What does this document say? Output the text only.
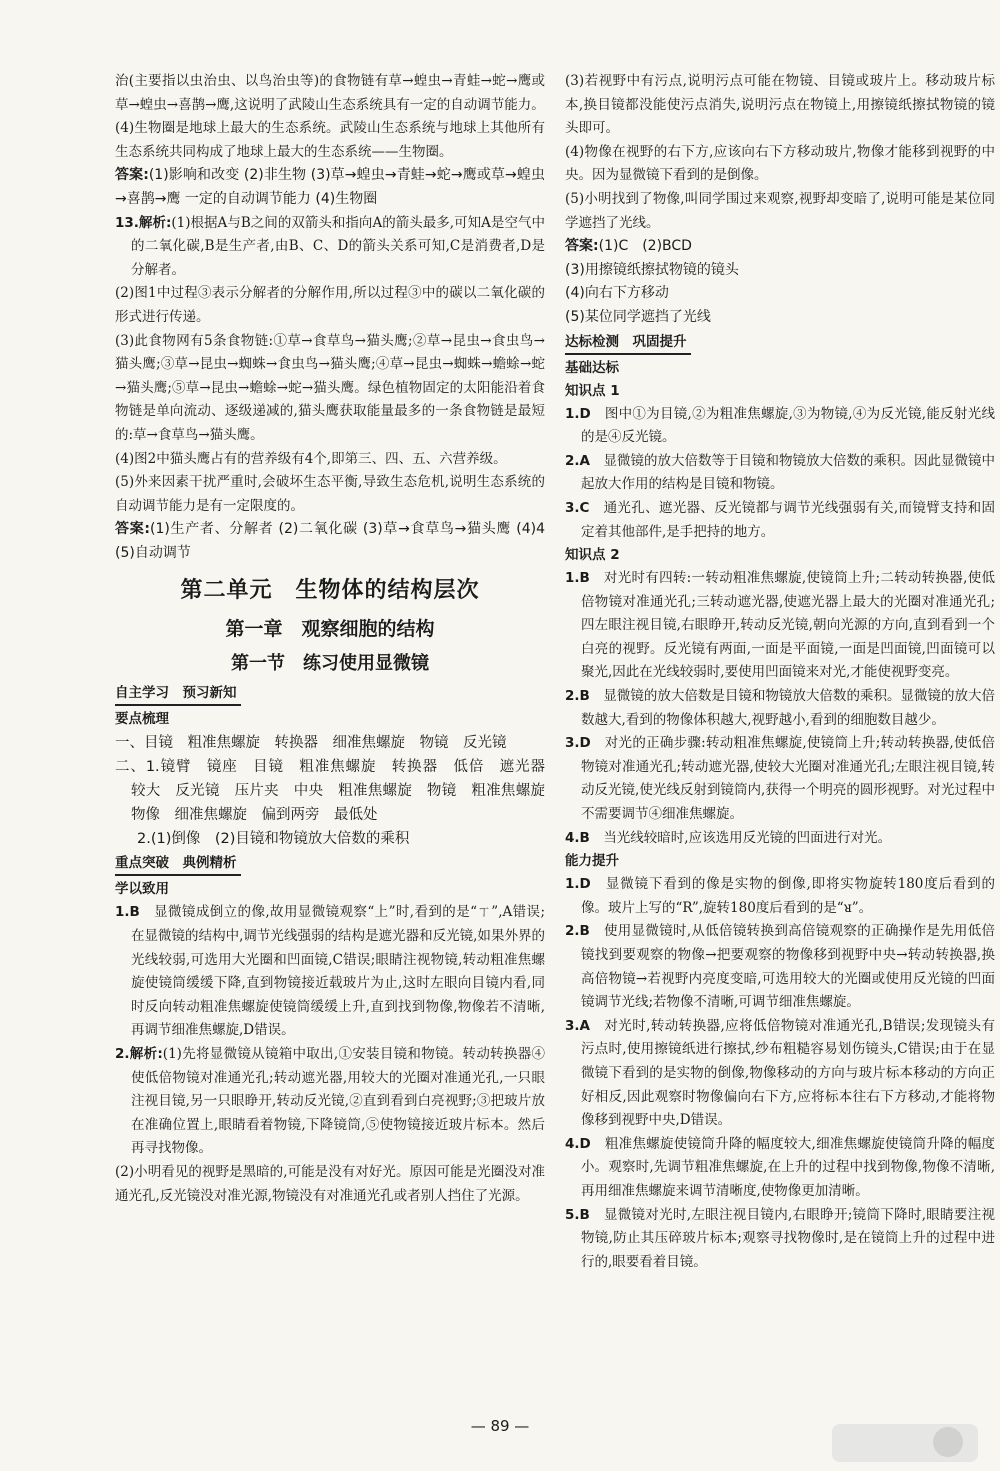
治(主要指以虫治虫、以鸟治虫等)的食物链有草→蝗虫→青蛙→蛇→鹰或草→蝗虫→喜鹊→鹰,这说明了武陵山生态系统具有一定的自动调节能力。

(4)生物圈是地球上最大的生态系统。武陵山生态系统与地球上其他所有生态系统共同构成了地球上最大的生态系统——生物圈。

答案:(1)影响和改变 (2)非生物 (3)草→蝗虫→青蛙→蛇→鹰或草→蝗虫→喜鹊→鹰 一定的自动调节能力 (4)生物圈

13.解析:(1)根据A与B之间的双箭头和指向A的箭头最多,可知A是空气中的二氧化碳,B是生产者,由B、C、D的箭头关系可知,C是消费者,D是分解者。

(2)图1中过程③表示分解者的分解作用,所以过程③中的碳以二氧化碳的形式进行传递。

(3)此食物网有5条食物链:①草→食草鸟→猫头鹰;②草→昆虫→食虫鸟→猫头鹰;③草→昆虫→蜘蛛→食虫鸟→猫头鹰;④草→昆虫→蜘蛛→蟾蜍→蛇→猫头鹰;⑤草→昆虫→蟾蜍→蛇→猫头鹰。绿色植物固定的太阳能沿着食物链是单向流动、逐级递减的,猫头鹰获取能量最多的一条食物链是最短的:草→食草鸟→猫头鹰。

(4)图2中猫头鹰占有的营养级有4个,即第三、四、五、六营养级。

(5)外来因素干扰严重时,会破坏生态平衡,导致生态危机,说明生态系统的自动调节能力是有一定限度的。

答案:(1)生产者、分解者 (2)二氧化碳 (3)草→食草鸟→猫头鹰 (4)4 (5)自动调节

第二单元　生物体的结构层次
第一章　观察细胞的结构
第一节　练习使用显微镜
自主学习　预习新知
要点梳理

一、目镜　粗准焦螺旋　转换器　细准焦螺旋　物镜　反光镜

二、1.镜臂　镜座　目镜　粗准焦螺旋　转换器　低倍　遮光器　较大　反光镜　压片夹　中央　粗准焦螺旋　物镜　粗准焦螺旋　物像　细准焦螺旋　偏到两旁　最低处

2.(1)倒像　(2)目镜和物镜放大倍数的乘积

重点突破　典例精析
学以致用

1.B　 显微镜成倒立的像,故用显微镜观察“上”时,看到的是“ㄒ”,A错误;在显微镜的结构中,调节光线强弱的结构是遮光器和反光镜,如果外界的光线较弱,可选用大光圈和凹面镜,C错误;眼睛注视物镜,转动粗准焦螺旋使镜筒缓缓下降,直到物镜接近载玻片为止,这时左眼向目镜内看,同时反向转动粗准焦螺旋使镜筒缓缓上升,直到找到物像,物像若不清晰,再调节细准焦螺旋,D错误。

2.解析:(1)先将显微镜从镜箱中取出,①安装目镜和物镜。转动转换器④使低倍物镜对准通光孔;转动遮光器,用较大的光圈对准通光孔,一只眼注视目镜,另一只眼睁开,转动反光镜,②直到看到白亮视野;③把玻片放在准确位置上,眼睛看着物镜,下降镜筒,⑤使物镜接近玻片标本。然后再寻找物像。

(2)小明看见的视野是黑暗的,可能是没有对好光。原因可能是光圈没对准通光孔,反光镜没对准光源,物镜没有对准通光孔或者别人挡住了光源。

(3)若视野中有污点,说明污点可能在物镜、目镜或玻片上。移动玻片标本,换目镜都没能使污点消失,说明污点在物镜上,用擦镜纸擦拭物镜的镜头即可。

(4)物像在视野的右下方,应该向右下方移动玻片,物像才能移到视野的中央。因为显微镜下看到的是倒像。

(5)小明找到了物像,叫同学围过来观察,视野却变暗了,说明可能是某位同学遮挡了光线。

答案:(1)C　(2)BCD

(3)用擦镜纸擦拭物镜的镜头

(4)向右下方移动

(5)某位同学遮挡了光线

达标检测　巩固提升
基础达标
知识点 1

1.D　 图中①为目镜,②为粗准焦螺旋,③为物镜,④为反光镜,能反射光线的是④反光镜。

2.A　 显微镜的放大倍数等于目镜和物镜放大倍数的乘积。因此显微镜中起放大作用的结构是目镜和物镜。

3.C　 通光孔、遮光器、反光镜都与调节光线强弱有关,而镜臂支持和固定着其他部件,是手把持的地方。

知识点 2

1.B　 对光时有四转:一转动粗准焦螺旋,使镜筒上升;二转动转换器,使低倍物镜对准通光孔;三转动遮光器,使遮光器上最大的光圈对准通光孔;四左眼注视目镜,右眼睁开,转动反光镜,朝向光源的方向,直到看到一个白亮的视野。反光镜有两面,一面是平面镜,一面是凹面镜,凹面镜可以聚光,因此在光线较弱时,要使用凹面镜来对光,才能使视野变亮。

2.B　 显微镜的放大倍数是目镜和物镜放大倍数的乘积。显微镜的放大倍数越大,看到的物像体积越大,视野越小,看到的细胞数目越少。

3.D　 对光的正确步骤:转动粗准焦螺旋,使镜筒上升;转动转换器,使低倍物镜对准通光孔;转动遮光器,使较大光圈对准通光孔;左眼注视目镜,转动反光镜,使光线反射到镜筒内,获得一个明亮的圆形视野。对光过程中不需要调节④细准焦螺旋。

4.B　 当光线较暗时,应该选用反光镜的凹面进行对光。

能力提升

1.D　 显微镜下看到的像是实物的倒像,即将实物旋转180度后看到的像。玻片上写的“R”,旋转180度后看到的是“ᴚ”。

2.B　 使用显微镜时,从低倍镜转换到高倍镜观察的正确操作是先用低倍镜找到要观察的物像→把要观察的物像移到视野中央→转动转换器,换高倍物镜→若视野内亮度变暗,可选用较大的光圈或使用反光镜的凹面镜调节光线;若物像不清晰,可调节细准焦螺旋。

3.A　 对光时,转动转换器,应将低倍物镜对准通光孔,B错误;发现镜头有污点时,使用擦镜纸进行擦拭,纱布粗糙容易划伤镜头,C错误;由于在显微镜下看到的是实物的倒像,物像移动的方向与玻片标本移动的方向正好相反,因此观察时物像偏向右下方,应将标本往右下方移动,才能将物像移到视野中央,D错误。

4.D　 粗准焦螺旋使镜筒升降的幅度较大,细准焦螺旋使镜筒升降的幅度小。观察时,先调节粗准焦螺旋,在上升的过程中找到物像,物像不清晰,再用细准焦螺旋来调节清晰度,使物像更加清晰。

5.B　 显微镜对光时,左眼注视目镜内,右眼睁开;镜筒下降时,眼睛要注视物镜,防止其压碎玻片标本;观察寻找物像时,是在镜筒上升的过程中进行的,眼要看着目镜。

— 89 —
